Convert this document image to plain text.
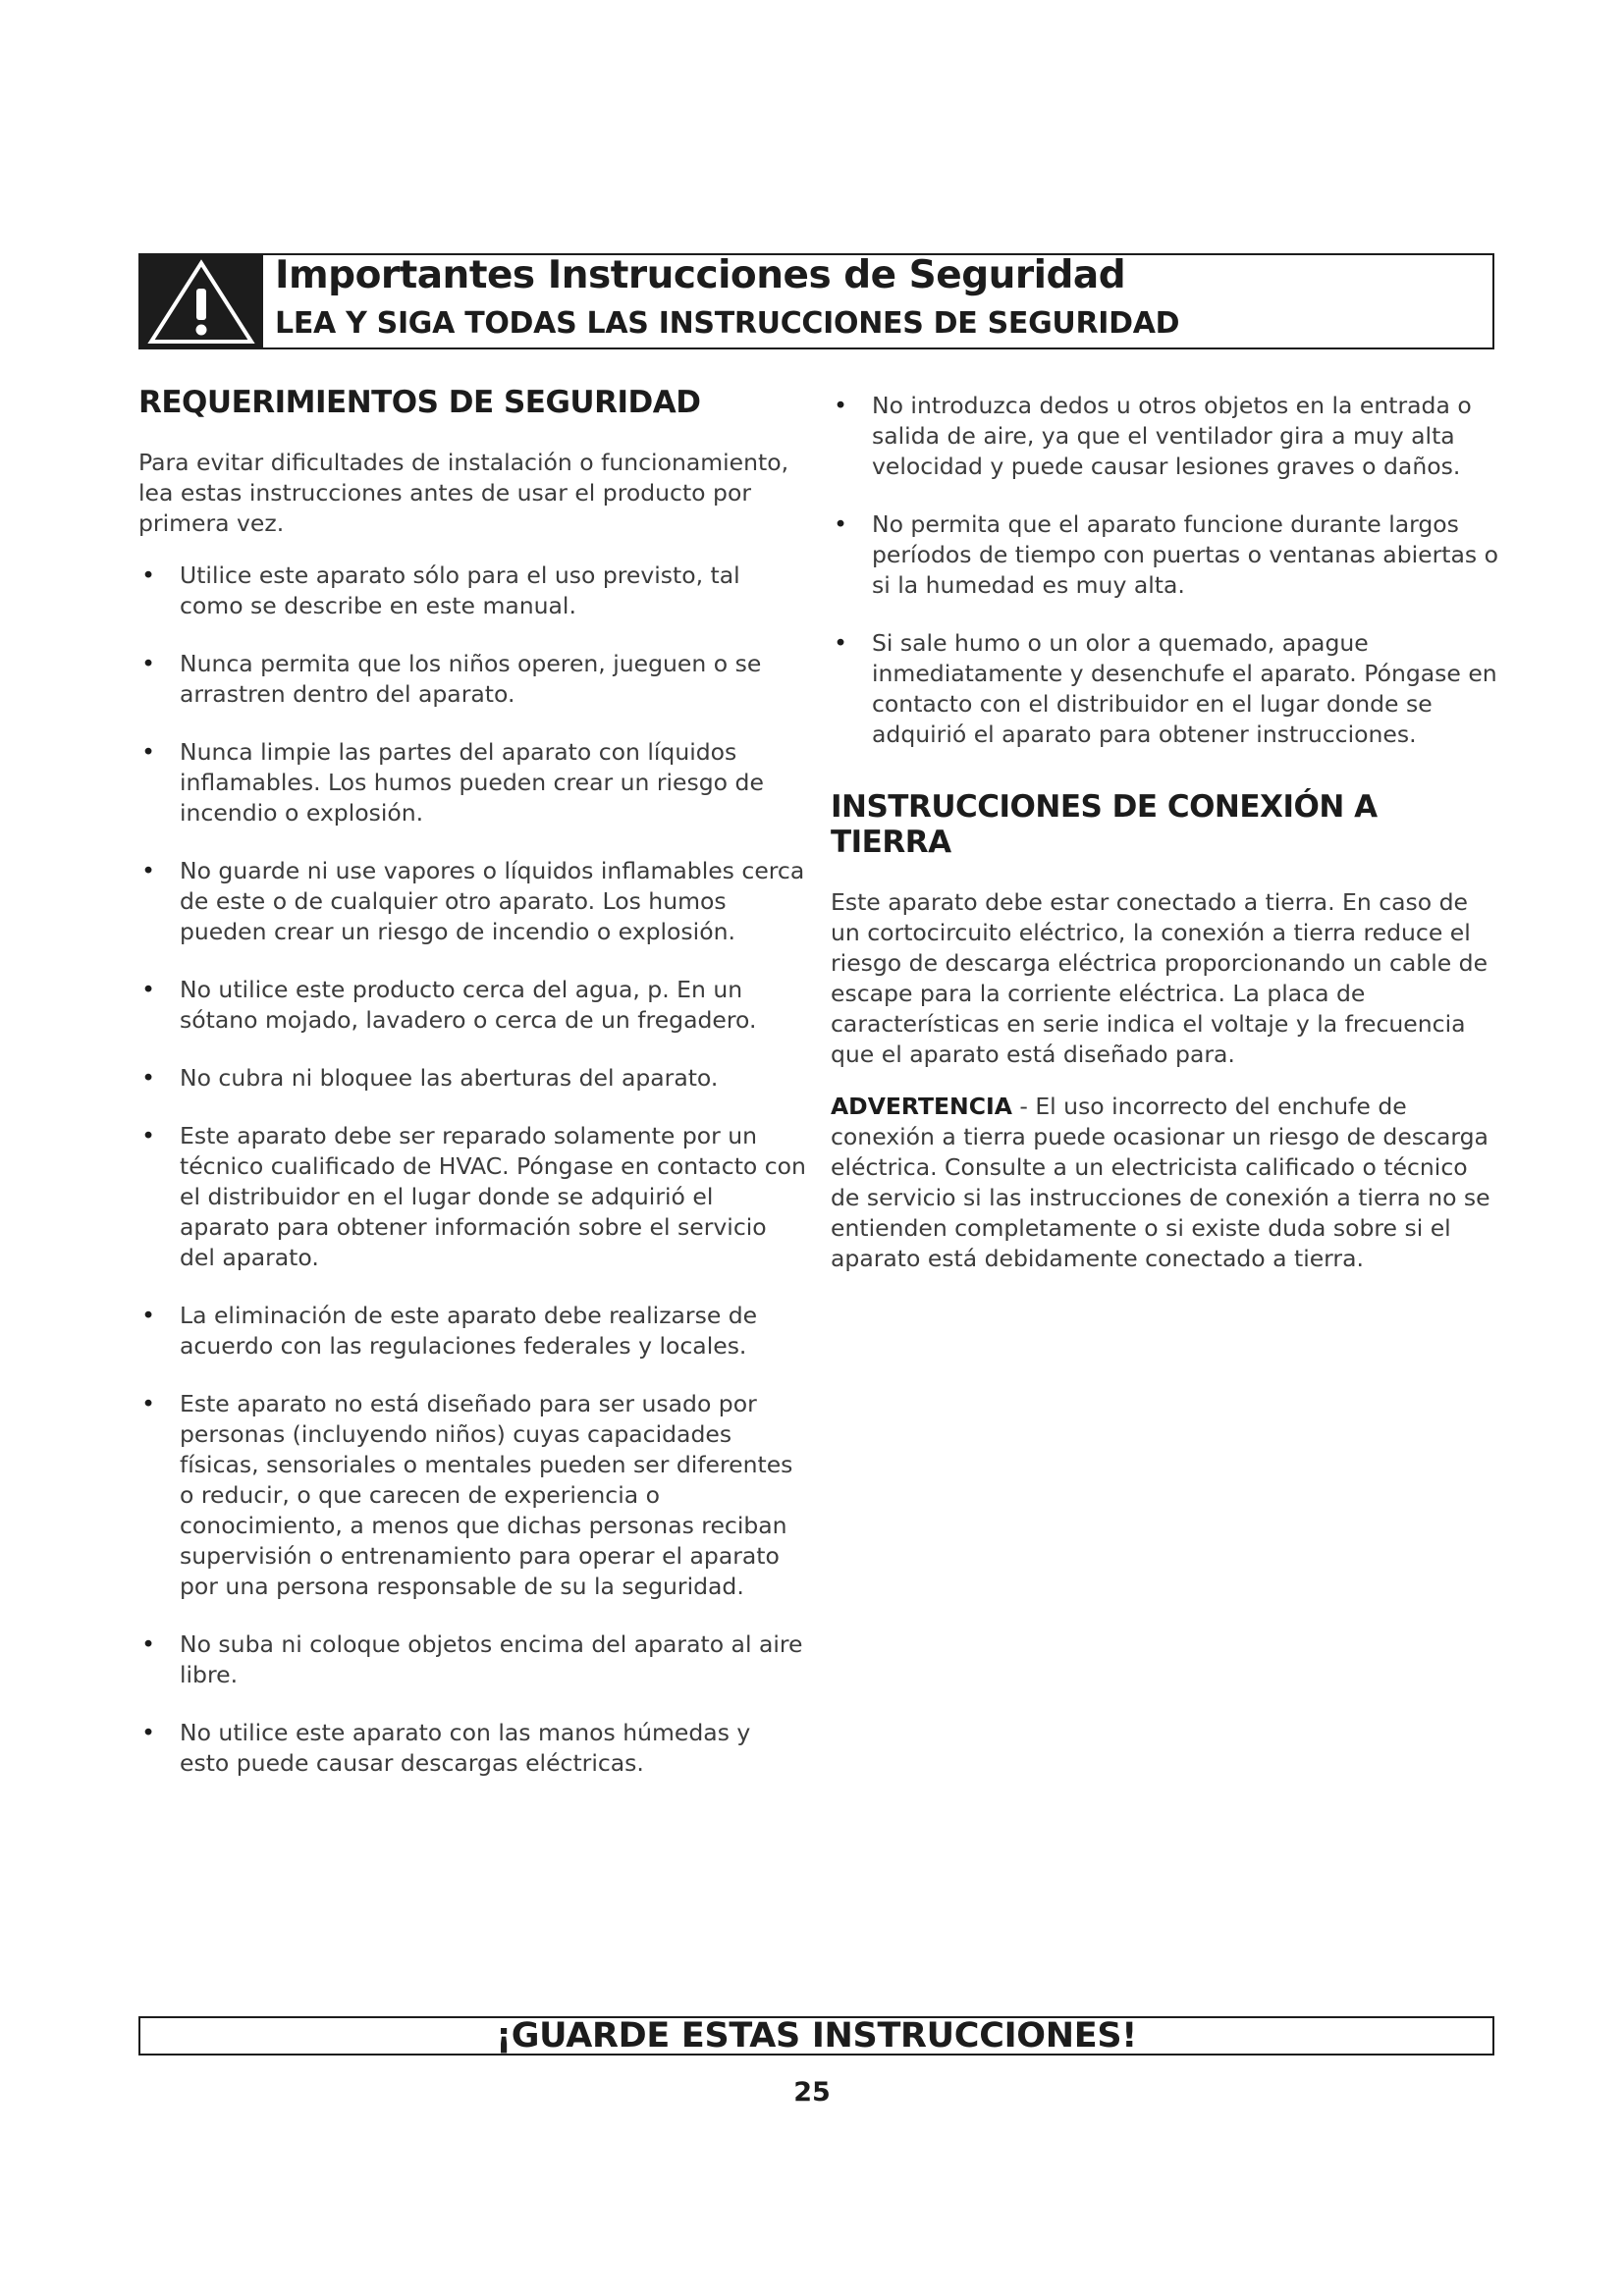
Importantes Instrucciones de Seguridad
LEA Y SIGA TODAS LAS INSTRUCCIONES DE SEGURIDAD
REQUERIMIENTOS DE SEGURIDAD

Para evitar dificultades de instalación o funcionamiento, lea estas instrucciones antes de usar el producto por primera vez.

• Utilice este aparato sólo para el uso previsto, tal como se describe en este manual.
• Nunca permita que los niños operen, jueguen o se arrastren dentro del aparato.
• Nunca limpie las partes del aparato con líquidos inflamables. Los humos pueden crear un riesgo de incendio o explosión.
• No guarde ni use vapores o líquidos inflamables cerca de este o de cualquier otro aparato. Los humos pueden crear un riesgo de incendio o explosión.
• No utilice este producto cerca del agua, p. En un sótano mojado, lavadero o cerca de un fregadero.
• No cubra ni bloquee las aberturas del aparato.
• Este aparato debe ser reparado solamente por un técnico cualificado de HVAC. Póngase en contacto con el distribuidor en el lugar donde se adquirió el aparato para obtener información sobre el servicio del aparato.
• La eliminación de este aparato debe realizarse de acuerdo con las regulaciones federales y locales.
• Este aparato no está diseñado para ser usado por personas (incluyendo niños) cuyas capacidades físicas, sensoriales o mentales pueden ser diferentes o reducir, o que carecen de experiencia o conocimiento, a menos que dichas personas reciban supervisión o entrenamiento para operar el aparato por una persona responsable de su la seguridad.
• No suba ni coloque objetos encima del aparato al aire libre.
• No utilice este aparato con las manos húmedas y esto puede causar descargas eléctricas.
• No introduzca dedos u otros objetos en la entrada o salida de aire, ya que el ventilador gira a muy alta velocidad y puede causar lesiones graves o daños.
• No permita que el aparato funcione durante largos períodos de tiempo con puertas o ventanas abiertas o si la humedad es muy alta.
• Si sale humo o un olor a quemado, apague inmediatamente y desenchufe el aparato. Póngase en contacto con el distribuidor en el lugar donde se adquirió el aparato para obtener instrucciones.
INSTRUCCIONES DE CONEXIÓN A TIERRA

Este aparato debe estar conectado a tierra. En caso de un cortocircuito eléctrico, la conexión a tierra reduce el riesgo de descarga eléctrica proporcionando un cable de escape para la corriente eléctrica. La placa de características en serie indica el voltaje y la frecuencia que el aparato está diseñado para.

ADVERTENCIA - El uso incorrecto del enchufe de conexión a tierra puede ocasionar un riesgo de descarga eléctrica. Consulte a un electricista calificado o técnico de servicio si las instrucciones de conexión a tierra no se entienden completamente o si existe duda sobre si el aparato está debidamente conectado a tierra.

¡GUARDE ESTAS INSTRUCCIONES!
25
